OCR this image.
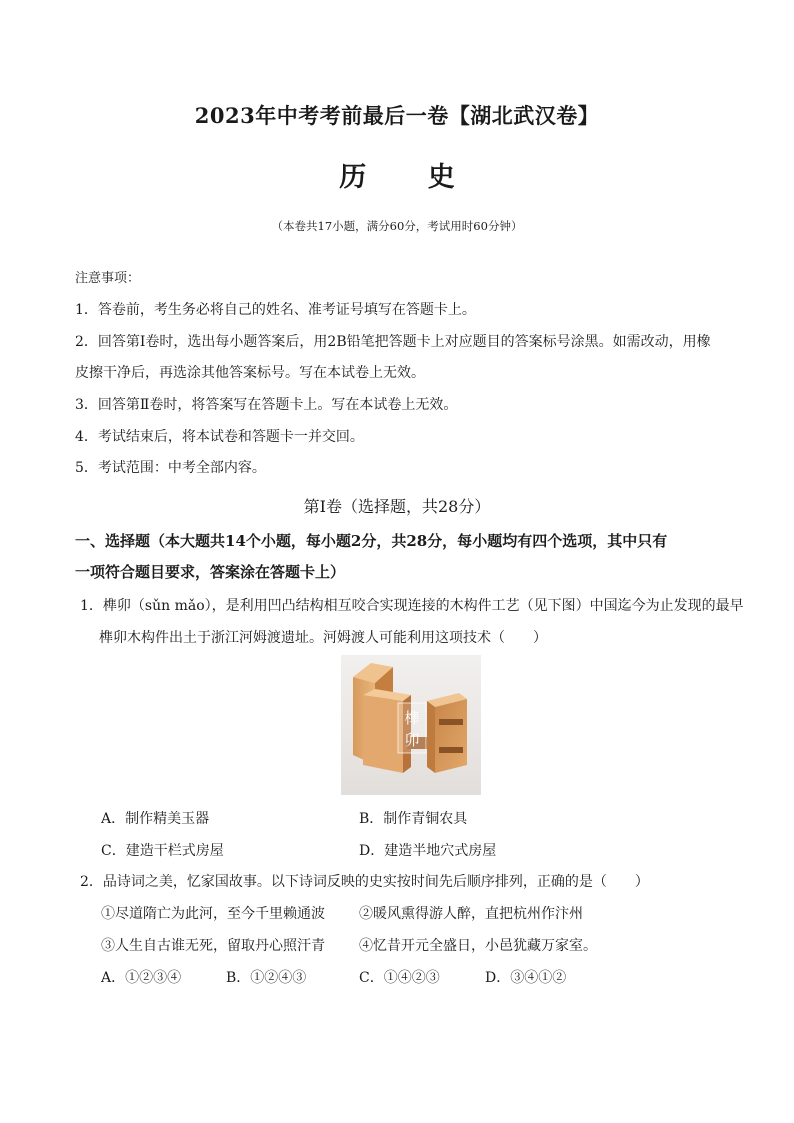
2023年中考考前最后一卷【湖北武汉卷】
历 史
（本卷共17小题，满分60分，考试用时60分钟）
注意事项：
1．答卷前，考生务必将自己的姓名、准考证号填写在答题卡上。
2．回答第Ⅰ卷时，选出每小题答案后，用2B铅笔把答题卡上对应题目的答案标号涂黑。如需改动，用橡
皮擦干净后，再选涂其他答案标号。写在本试卷上无效。
3．回答第Ⅱ卷时，将答案写在答题卡上。写在本试卷上无效。
4．考试结束后，将本试卷和答题卡一并交回。
5．考试范围：中考全部内容。
第Ⅰ卷（选择题，共28分）
一、选择题（本大题共14个小题，每小题2分，共28分，每小题均有四个选项，其中只有
一项符合题目要求，答案涂在答题卡上）
1．榫卯（sǔn mǎo），是利用凹凸结构相互咬合实现连接的木构件工艺（见下图）中国迄今为止发现的最早
榫卯木构件出土于浙江河姆渡遗址。河姆渡人可能利用这项技术（　　）
榫
卯
A．制作精美玉器	B．制作青铜农具
C．建造干栏式房屋	D．建造半地穴式房屋
2．品诗词之美，忆家国故事。以下诗词反映的史实按时间先后顺序排列，正确的是（　　）
①尽道隋亡为此河，至今千里赖通波 ②暖风熏得游人醉，直把杭州作汴州
③人生自古谁无死，留取丹心照汗青 ④忆昔开元全盛日，小邑犹藏万家室。
A．①②③④	B．①②④③	C．①④②③	D．③④①②
